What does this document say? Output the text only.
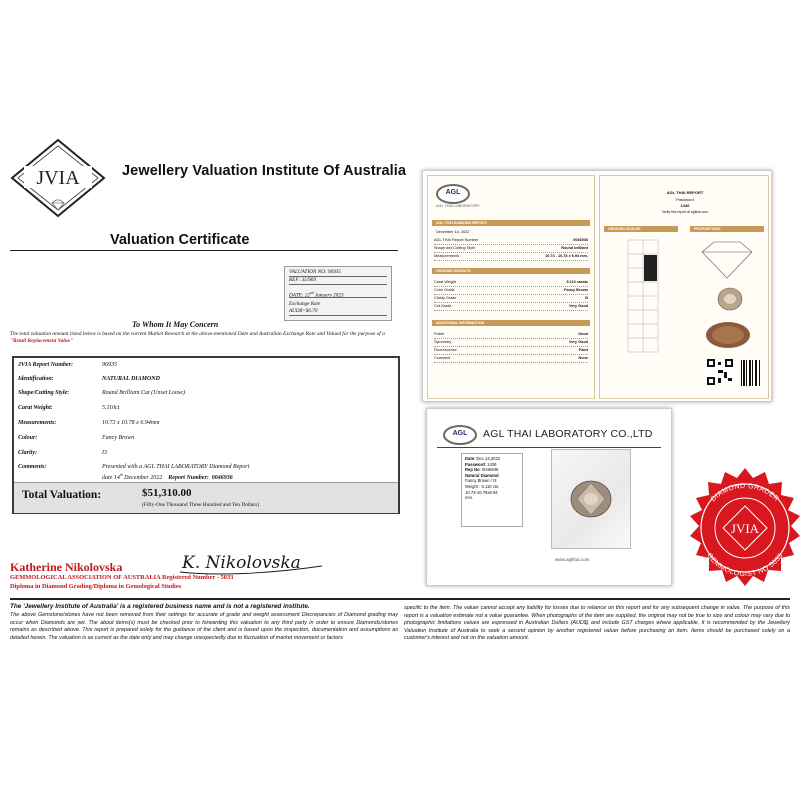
JVIA	Jewellery Valuation Institute Of Australia
Valuation Certificate
VALUATION NO: 96935
REF: 35/969
DATE: 22nd January 2023
Exchange Rate
AUD$=$0.70
To Whom It May Concern
The total valuation amount listed below is based on the current Market Research at the above-mentioned Date and Australian Exchange Rate and Valued for the purpose of a "Retail Replacement Value"
JVIA Report Number:	96935
Identification:	NATURAL DIAMOND
Shape/Cutting Style:	Round Brilliant Cut (Unset Loose)
Carat Weight:	5.110ct
Measurements:	10.73 x 10.78 x 6.94mm
Colour:	Fancy Brown
Clarity:	I3
Comments:	Presented with a AGL THAI LABORATORY Diamond Report
date 14th December 2022 Report Number: 0046936
Total Valuation:	$51,310.00
(Fifty-One Thousand Three Hundred and Ten Dollars)
Katherine Nikolovska	K. Nikolovska
GEMMOLOGICAL ASSOCIATION OF AUSTRALIA Registered Number - 5033
Diploma in Diamond Grading/Diploma in Gemological Studies
The 'Jewellery Institute of Australia' is a registered business name and is not a registered institute.
The above Gemstone/stones have not been removed from their settings for accurate of grade and weight assessment Discrepancies of Diamond grading may occur when Diamonds are set. The about items(s) must be checked prior to forwarding this valuation to any third party in order to ensure Diamonds/stones remains as described above. This report is prepared solely for the guidance of the client and is based upon the inspection, documentation and assumptions as detailed herein. The valuation is as current as the date only and may change unexpectedly due to fluctuation of market movement or factors
specific to the item. The valuer cannot accept any liability for losses due to reliance on this report and for any subsequent change in value. The purpose of this report is a valuation estimate not a value guarantee. When photographs of the item are supplied, the original may not be true to size and colour may vary due to photographic limitations values are expressed in Australian Dollars (AUD$) and include GST charges where applicable. It is recommended by the Jewellery Valuation Institute of Australia to seek a second opinion by another registered valuer before purchasing an item. Items should be purchased solely on a customer's interest and not on the valuation amount.
AGL
AGL THAI LABORATORY
AGL THAI DIAMOND REPORT
December 14, 2022
AGL THAI Report Number	0046936
Shape and Cutting Style	Round brilliant
Measurements	10.73 - 10.78 x 6.94 mm.
GRADING RESULTS
Carat Weight	5.110 carats
Color Grade	Fancy Brown
Clarity Grade	I3
Cut Grade	Very Good
ADDITIONAL INFORMATION
Polish	Good
Symmetry	Very Good
Fluorescence	Faint
Comment	None
AGL THAI REPORT
Password
1436
Verify this report at aglthai.com
GRADING SCALES	PROPORTIONS
AGL	AGL THAI LABORATORY CO.,LTD
Date: Dec.14,2022
Password: 1436
Rep No: 0046936
Natural Diamond
Fancy Brown / I3
Weight : 5.110 cts.
10.73-10.78x6.94
mm.
www.aglthai.com
DIAMOND GRADER
GEMMOLOGIST NO 5033
JVIA
